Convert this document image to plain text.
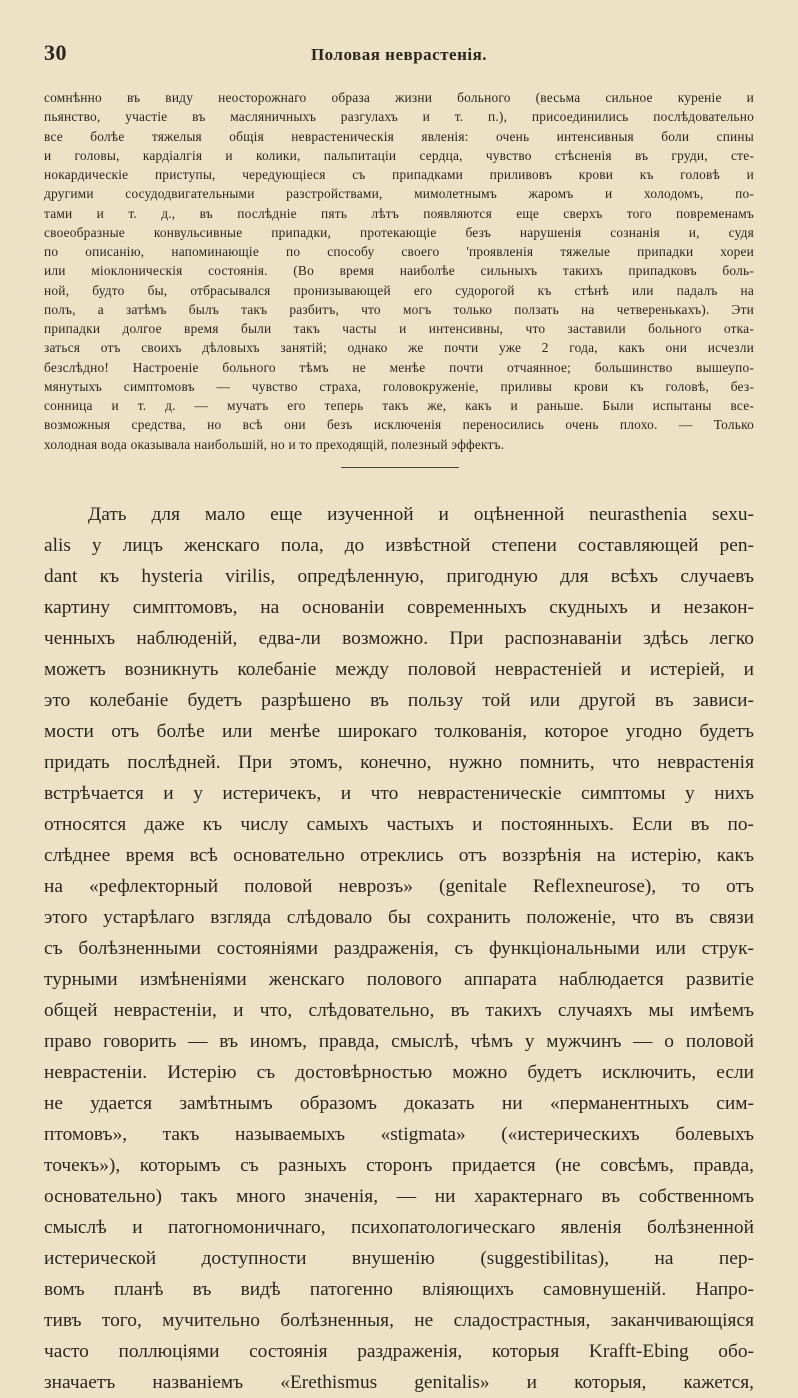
30	Половая неврастенія.
сомнѣнно въ виду неосторожнаго образа жизни больного (весьма сильное куреніе и
пьянство, участіе въ масляничныхъ разгулахъ и т. п.), присоединились послѣдовательно
все болѣе тяжелыя общія неврастеническія явленія: очень интенсивныя боли спины
и головы, кардіалгія и колики, пальпитаціи сердца, чувство стѣсненія въ груди, сте-
нокардическіе приступы, чередующіеся съ припадками приливовъ крови къ головѣ и
другими сосудодвигательными разстройствами, мимолетнымъ жаромъ и холодомъ, по-
тами и т. д., въ послѣдніе пять лѣтъ появляются еще сверхъ того повременамъ
своеобразные конвульсивные припадки, протекающіе безъ нарушенія сознанія и, судя
по описанію, напоминающіе по способу своего 'проявленія тяжелые припадки хореи
или міоклоническія состоянія. (Во время наиболѣе сильныхъ такихъ припадковъ боль-
ной, будто бы, отбрасывался пронизывающей его судорогой къ стѣнѣ или падалъ на
полъ, а затѣмъ былъ такъ разбитъ, что могъ только ползать на четверенькахъ). Эти
припадки долгое время были такъ часты и интенсивны, что заставили больного отка-
заться отъ своихъ дѣловыхъ занятій; однако же почти уже 2 года, какъ они исчезли
безслѣдно! Настроеніе больного тѣмъ не менѣе почти отчаянное; большинство вышеупо-
мянутыхъ симптомовъ — чувство страха, головокруженіе, приливы крови къ головѣ, без-
сонница и т. д. — мучатъ его теперь такъ же, какъ и раньше. Были испытаны все-
возможныя средства, но всѣ они безъ исключенія переносились очень плохо. — Только
холодная вода оказывала наибольшій, но и то преходящій, полезный эффектъ.
Дать для мало еще изученной и оцѣненной neurasthenia sexu-
alis у лицъ женскаго пола, до извѣстной степени составляющей pen-
dant къ hysteria virilis, опредѣленную, пригодную для всѣхъ случаевъ
картину симптомовъ, на основаніи современныхъ скудныхъ и незакон-
ченныхъ наблюденій, едва-ли возможно. При распознаваніи здѣсь легко
можетъ возникнуть колебаніе между половой неврастеніей и истеріей, и
это колебаніе будетъ разрѣшено въ пользу той или другой въ зависи-
мости отъ болѣе или менѣе широкаго толкованія, которое угодно будетъ
придать послѣдней. При этомъ, конечно, нужно помнить, что неврастенія
встрѣчается и у истеричекъ, и что неврастеническіе симптомы у нихъ
относятся даже къ числу самыхъ частыхъ и постоянныхъ. Если въ по-
слѣднее время всѣ основательно отреклись отъ воззрѣнія на истерію, какъ
на «рефлекторный половой неврозъ» (genitale Reflexneurose), то отъ
этого устарѣлаго взгляда слѣдовало бы сохранить положеніе, что въ связи
съ болѣзненными состояніями раздраженія, съ функціональными или струк-
турными измѣненіями женскаго полового аппарата наблюдается развитіе
общей неврастеніи, и что, слѣдовательно, въ такихъ случаяхъ мы имѣемъ
право говорить — въ иномъ, правда, смыслѣ, чѣмъ у мужчинъ — о половой
неврастеніи. Истерію съ достовѣрностью можно будетъ исключить, если
не удается замѣтнымъ образомъ доказать ни «перманентныхъ сим-
птомовъ», такъ называемыхъ «stigmata» («истерическихъ болевыхъ
точекъ»), которымъ съ разныхъ сторонъ придается (не совсѣмъ, правда,
основательно) такъ много значенія, — ни характернаго въ собственномъ
смыслѣ и патогномоничнаго, психопатологическаго явленія болѣзненной
истерической доступности внушенію (suggestibilitas), на пер-
вомъ планѣ въ видѣ патогенно вліяющихъ самовнушеній. Напро-
тивъ того, мучительно болѣзненныя, не сладострастныя, заканчивающіяся
часто поллюціями состоянія раздраженія, которыя Krafft-Ebing обо-
значаетъ названіемъ «Erethismus genitalis» и которыя, кажется,
